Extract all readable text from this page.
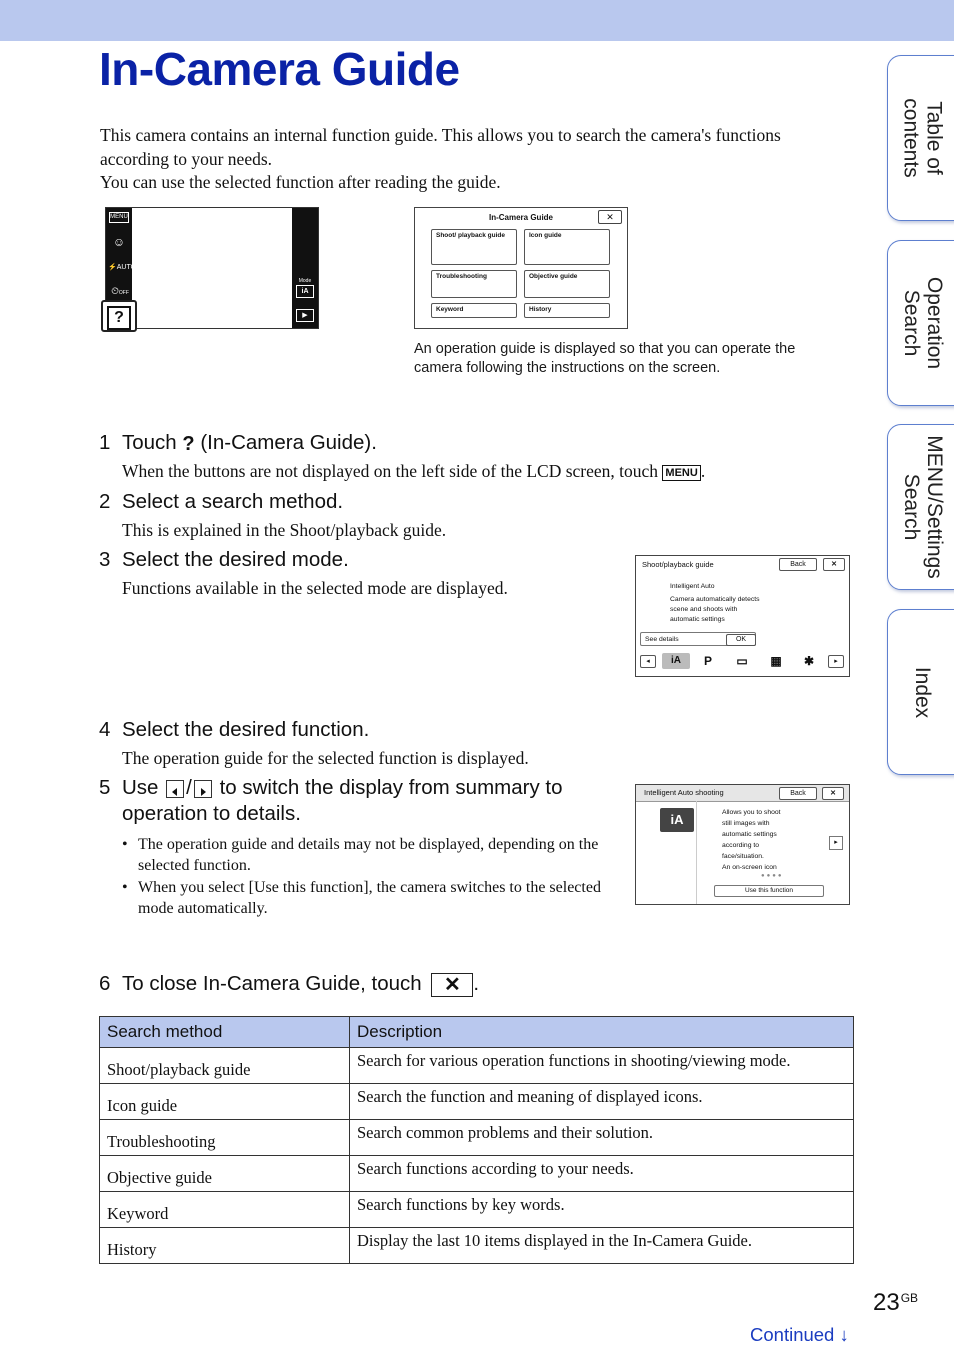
In-Camera Guide

This camera contains an internal function guide. This allows you to search the camera's functions according to your needs.

You can use the selected function after reading the guide.

Table of
contents
Operation
Search
MENU/Settings
Search
Index
MENU
☺
⚡AUTO
⏲OFF
Mode
iA
▶
?
In-Camera Guide	✕
Shoot/ playback guide	Icon guide
Troubleshooting	Objective guide
Keyword	History
An operation guide is displayed so that you can operate the camera following the instructions on the screen.
1 Touch ? (In-Camera Guide).
When the buttons are not displayed on the left side of the LCD screen, touch MENU .
2 Select a search method.
This is explained in the Shoot/playback guide.
3 Select the desired mode.
Functions available in the selected mode are displayed.
Shoot/playback guide	Back	✕
Intelligent Auto
Camera automatically detects
scene and shoots with
automatic settings
See details	OK
◂	iA	P	▭	▦	✱	▸
4 Select the desired function.
The operation guide for the selected function is displayed.
5 Use / to switch the display from summary to
operation to details.
• The operation guide and details may not be displayed, depending on the selected function.
• When you select [Use this function], the camera switches to the selected mode automatically.
Intelligent Auto shooting	Back	✕
iA	Allows you to shoot
still images with
automatic settings
according to
face/situation.
An on-screen icon
●●●●
▸
Use this function
6 To close In-Camera Guide, touch ✕ .
Search method	Description
Shoot/playback guide	Search for various operation functions in shooting/viewing mode.
Icon guide	Search the function and meaning of displayed icons.
Troubleshooting	Search common problems and their solution.
Objective guide	Search functions according to your needs.
Keyword	Search functions by key words.
History	Display the last 10 items displayed in the In-Camera Guide.
$23^{GB}$
Continued ↓
